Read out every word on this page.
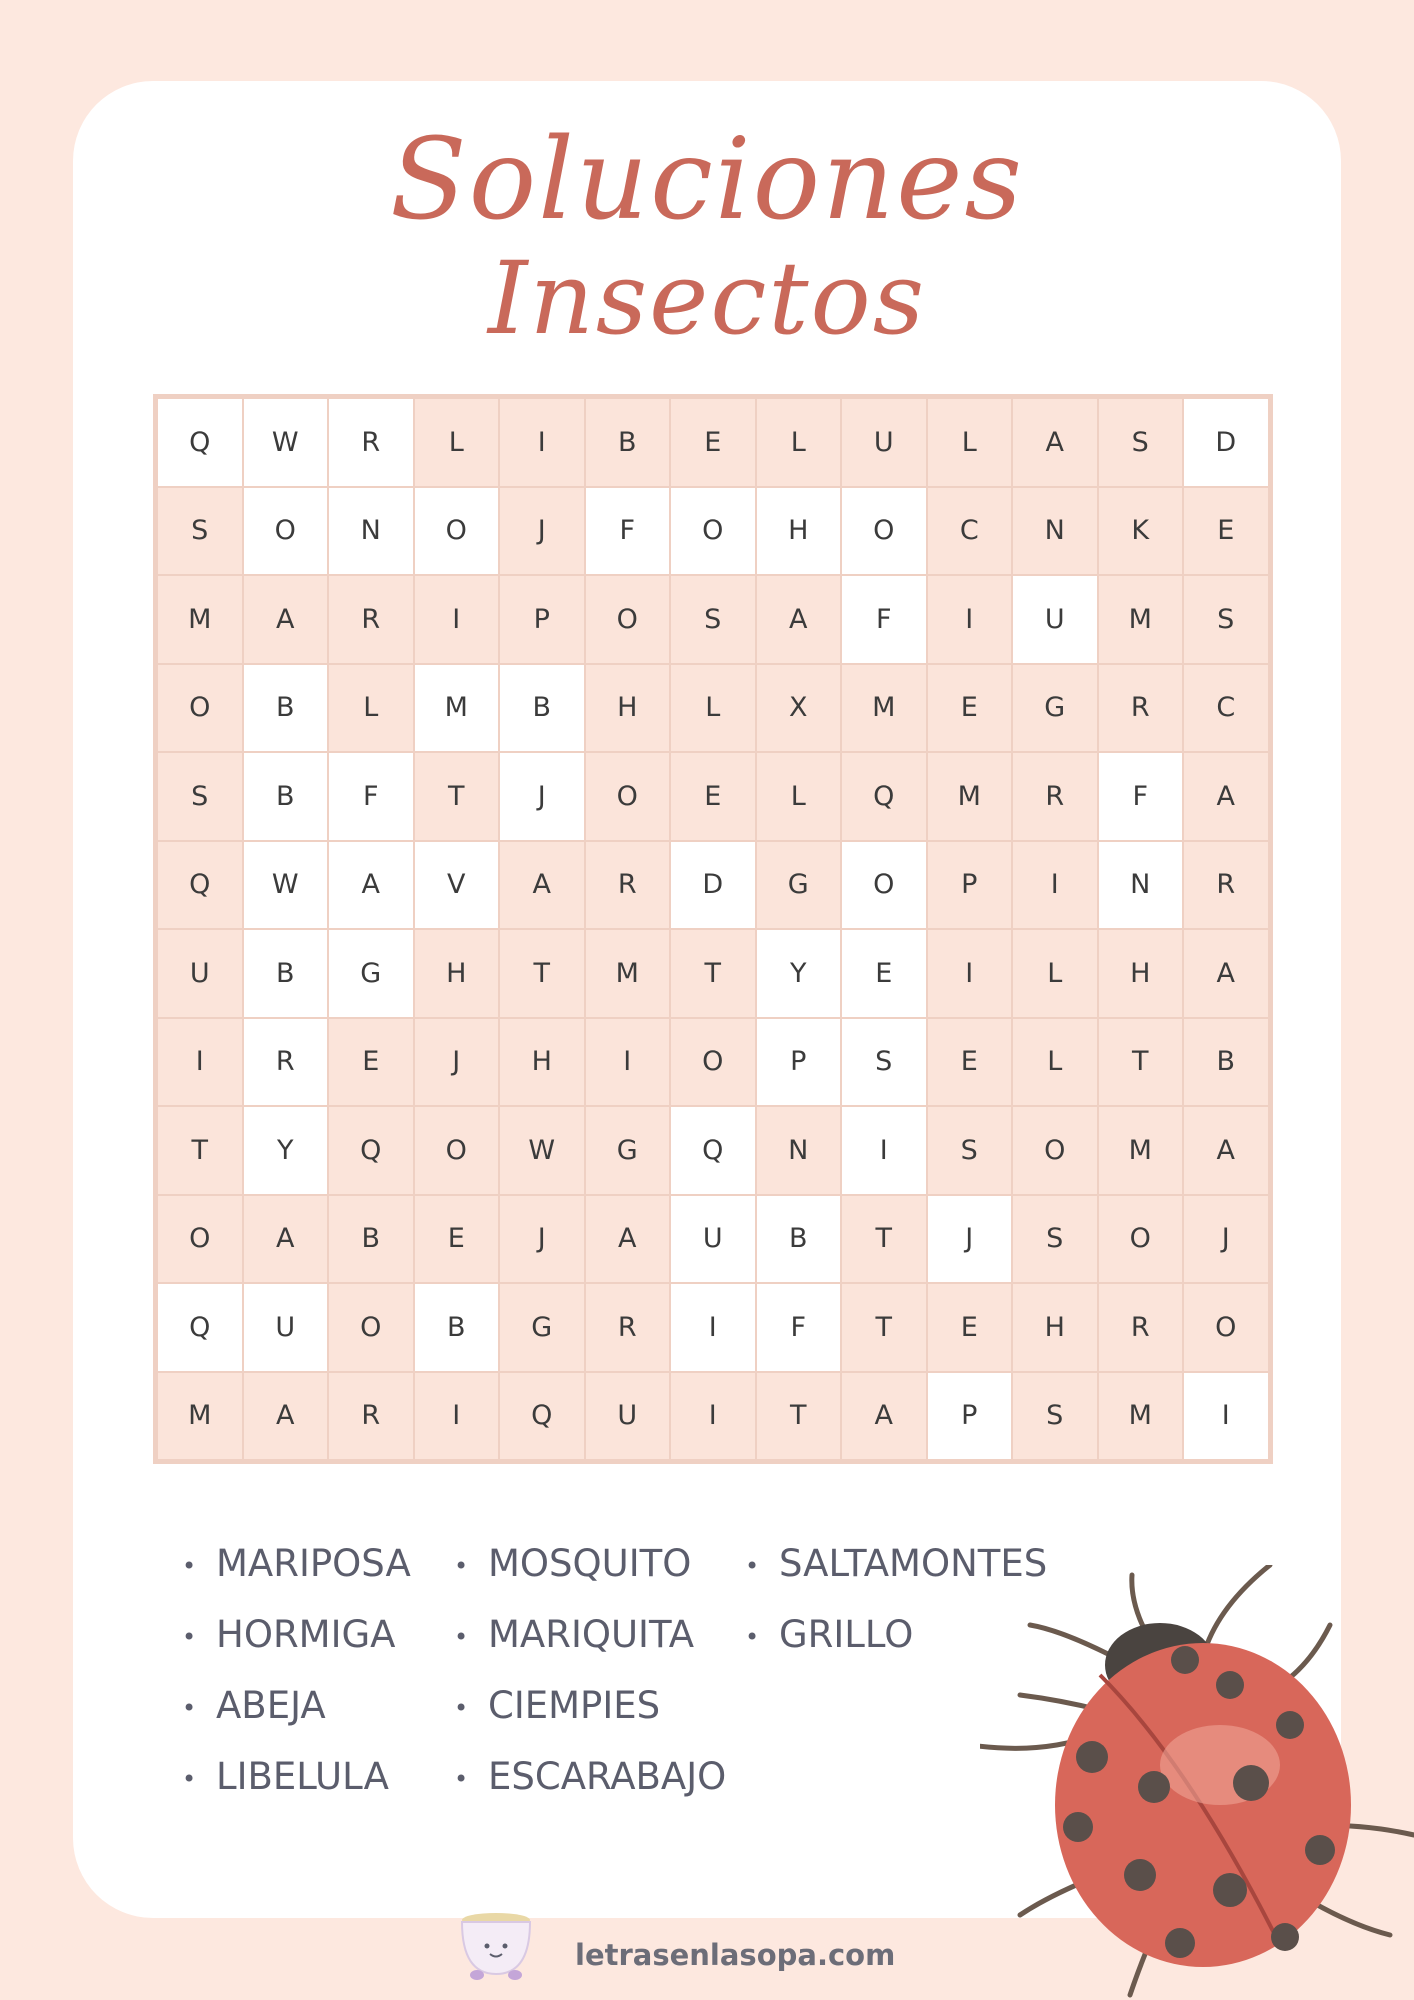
Soluciones
Insectos
Q	W	R	L	I	B	E	L	U	L	A	S	D
S	O	N	O	J	F	O	H	O	C	N	K	E
M	A	R	I	P	O	S	A	F	I	U	M	S
O	B	L	M	B	H	L	X	M	E	G	R	C
S	B	F	T	J	O	E	L	Q	M	R	F	A
Q	W	A	V	A	R	D	G	O	P	I	N	R
U	B	G	H	T	M	T	Y	E	I	L	H	A
I	R	E	J	H	I	O	P	S	E	L	T	B
T	Y	Q	O	W	G	Q	N	I	S	O	M	A
O	A	B	E	J	A	U	B	T	J	S	O	J
Q	U	O	B	G	R	I	F	T	E	H	R	O
M	A	R	I	Q	U	I	T	A	P	S	M	I
• MARIPOSA
• HORMIGA
• ABEJA
• LIBELULA
• MOSQUITO
• MARIQUITA
• CIEMPIES
• ESCARABAJO
• SALTAMONTES
• GRILLO
letrasenlasopa.com
